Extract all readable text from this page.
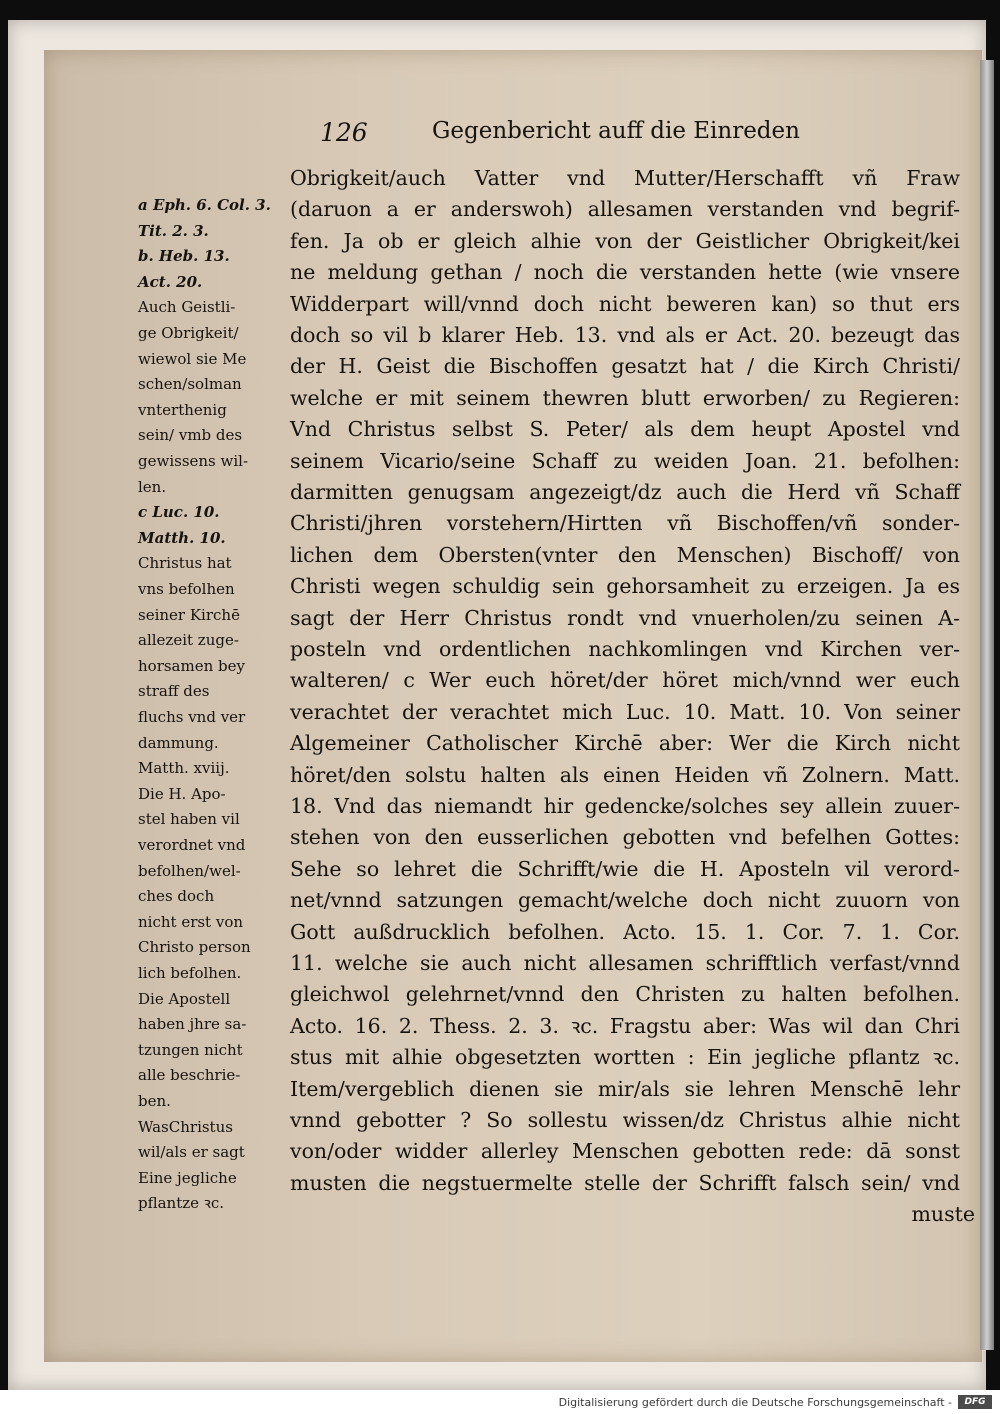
126	Gegenbericht auff die Einreden

Obrigkeit/auch Vatter vnd Mutter/Herschafft vñ Fraw

(daruon a er anderswoh) allesamen verstanden vnd begrif-

fen. Ja ob er gleich alhie von der Geistlicher Obrigkeit/kei

ne meldung gethan / noch die verstanden hette (wie vnsere

Widderpart will/vnnd doch nicht beweren kan) so thut ers

doch so vil b klarer Heb. 13. vnd als er Act. 20. bezeugt das

der H. Geist die Bischoffen gesatzt hat / die Kirch Christi/

welche er mit seinem thewren blutt erworben/ zu Regieren:

Vnd Christus selbst S. Peter/ als dem heupt Apostel vnd

seinem Vicario/seine Schaff zu weiden Joan. 21. befolhen:

darmitten genugsam angezeigt/dz auch die Herd vñ Schaff

Christi/jhren vorstehern/Hirtten vñ Bischoffen/vñ sonder-

lichen dem Obersten(vnter den Menschen) Bischoff/ von

Christi wegen schuldig sein gehorsamheit zu erzeigen. Ja es

sagt der Herr Christus rondt vnd vnuerholen/zu seinen A-

posteln vnd ordentlichen nachkomlingen vnd Kirchen ver-

walteren/ c Wer euch höret/der höret mich/vnnd wer euch

verachtet der verachtet mich Luc. 10. Matt. 10. Von seiner

Algemeiner Catholischer Kirchē aber: Wer die Kirch nicht

höret/den solstu halten als einen Heiden vñ Zolnern. Matt.

18. Vnd das niemandt hir gedencke/solches sey allein zuuer-

stehen von den eusserlichen gebotten vnd befelhen Gottes:

Sehe so lehret die Schrifft/wie die H. Aposteln vil verord-

net/vnnd satzungen gemacht/welche doch nicht zuuorn von

Gott außdrucklich befolhen. Acto. 15. 1. Cor. 7. 1. Cor.

11. welche sie auch nicht allesamen schrifftlich verfast/vnnd

gleichwol gelehrnet/vnnd den Christen zu halten befolhen.

Acto. 16. 2. Thess. 2. 3. ꝛc. Fragstu aber: Was wil dan Chri

stus mit alhie obgesetzten wortten : Ein jegliche pflantz ꝛc.

Item/vergeblich dienen sie mir/als sie lehren Menschē lehr

vnnd gebotter ? So sollestu wissen/dz Christus alhie nicht

von/oder widder allerley Menschen gebotten rede: dā sonst

musten die negstuermelte stelle der Schrifft falsch sein/ vnd

a Eph. 6. Col. 3.

Tit. 2. 3.

b. Heb. 13.

Act. 20.

Auch Geistli-

ge Obrigkeit/

wiewol sie Me

schen/solman

vnterthenig

sein/ vmb des

gewissens wil-

len.

c Luc. 10.

Matth. 10.

Christus hat

vns befolhen

seiner Kirchē

allezeit zuge-

horsamen bey

straff des

fluchs vnd ver

dammung.

Matth. xviij.

Die H. Apo-

stel haben vil

verordnet vnd

befolhen/wel-

ches doch

nicht erst von

Christo person

lich befolhen.

Die Apostell

haben jhre sa-

tzungen nicht

alle beschrie-

ben.

WasChristus

wil/als er sagt

Eine jegliche

pflantze ꝛc.	muste

Digitalisierung gefördert durch die Deutsche Forschungsgemeinschaft -	DFG
